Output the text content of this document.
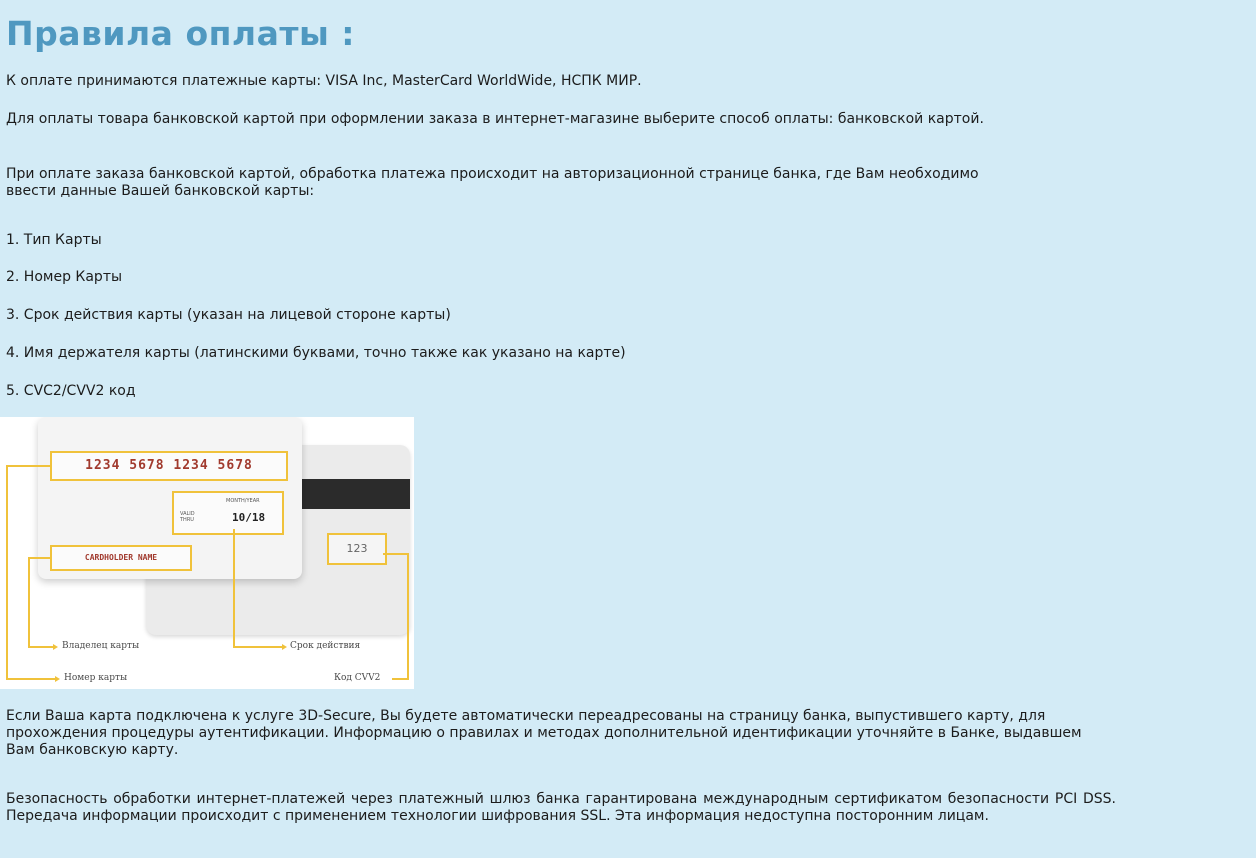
Правила оплаты :

К оплате принимаются платежные карты: VISA Inc, MasterCard WorldWide, НСПК МИР.

Для оплаты товара банковской картой при оформлении заказа в интернет-магазине выберите способ оплаты: банковской картой.

При оплате заказа банковской картой, обработка платежа происходит на авторизационной странице банка, где Вам необходимо ввести данные Вашей банковской карты:

1. Тип Карты

2. Номер Карты

3. Срок действия карты (указан на лицевой стороне карты)

4. Имя держателя карты (латинскими буквами, точно также как указано на карте)

5. CVC2/CVV2 код

123
1234 5678 1234 5678
MONTH/YEAR
VALID THRU	10/18
CARDHOLDER NAME
Владелец карты	Срок действия
Номер карты	Код CVV2

Если Ваша карта подключена к услуге 3D-Secure, Вы будете автоматически переадресованы на страницу банка, выпустившего карту, для прохождения процедуры аутентификации. Информацию о правилах и методах дополнительной идентификации уточняйте в Банке, выдавшем Вам банковскую карту.

Безопасность обработки интернет-платежей через платежный шлюз банка гарантирована международным сертификатом безопасности PCI DSS. Передача информации происходит с применением технологии шифрования SSL. Эта информация недоступна посторонним лицам.
